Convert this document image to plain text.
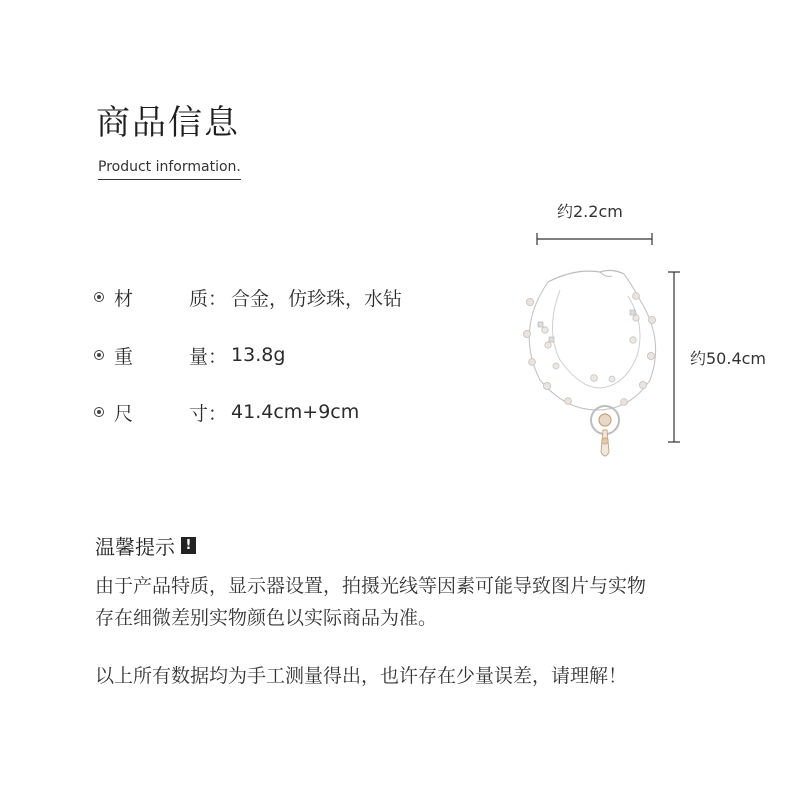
商品信息
Product information.
材	质 ： 合金，仿珍珠，水钻
重	量 ： 13.8g
尺	寸 ： 41.4cm+9cm
约2.2cm
约50.4cm
温馨提示 !
由于产品特质，显示器设置，拍摄光线等因素可能导致图片与实物
存在细微差别实物颜色以实际商品为准。
以上所有数据均为手工测量得出，也许存在少量误差，请理解！
